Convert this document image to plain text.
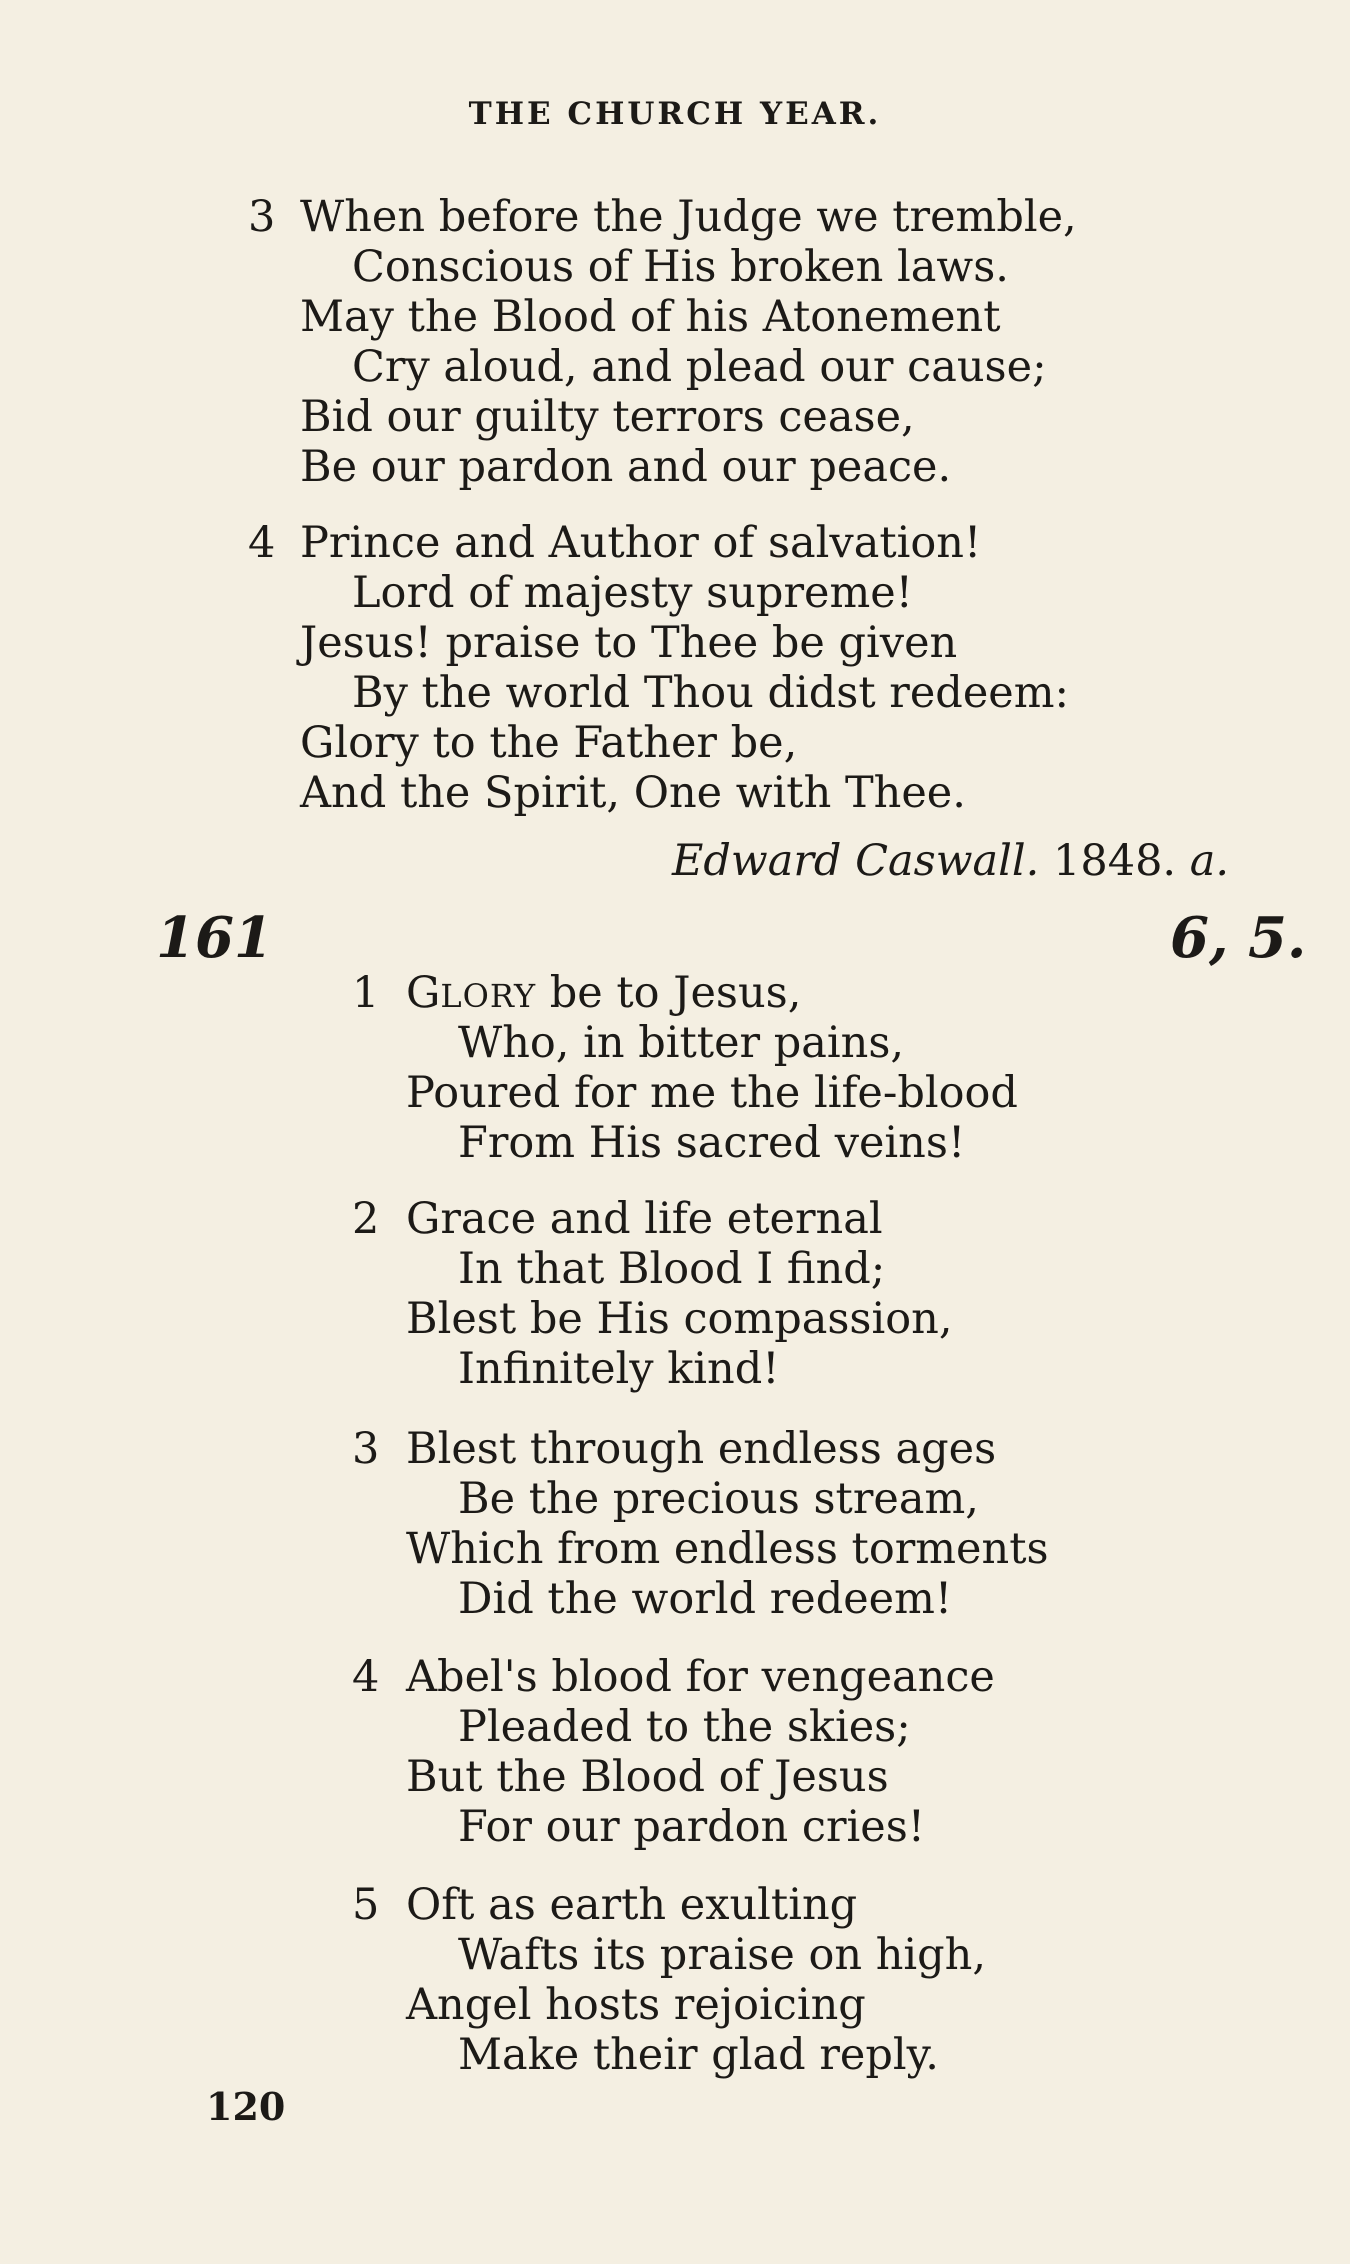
THE CHURCH YEAR.
3 When before the Judge we tremble,
Conscious of His broken laws.
May the Blood of his Atonement
Cry aloud, and plead our cause;
Bid our guilty terrors cease,
Be our pardon and our peace.
4 Prince and Author of salvation!
Lord of majesty supreme!
Jesus! praise to Thee be given
By the world Thou didst redeem:
Glory to the Father be,
And the Spirit, One with Thee.
Edward Caswall. 1848. a.
161	6, 5.
1 GLORY be to Jesus,
Who, in bitter pains,
Poured for me the life-blood
From His sacred veins!
2 Grace and life eternal
In that Blood I find;
Blest be His compassion,
Infinitely kind!
3 Blest through endless ages
Be the precious stream,
Which from endless torments
Did the world redeem!
4 Abel's blood for vengeance
Pleaded to the skies;
But the Blood of Jesus
For our pardon cries!
5 Oft as earth exulting
Wafts its praise on high,
Angel hosts rejoicing
Make their glad reply.
120
